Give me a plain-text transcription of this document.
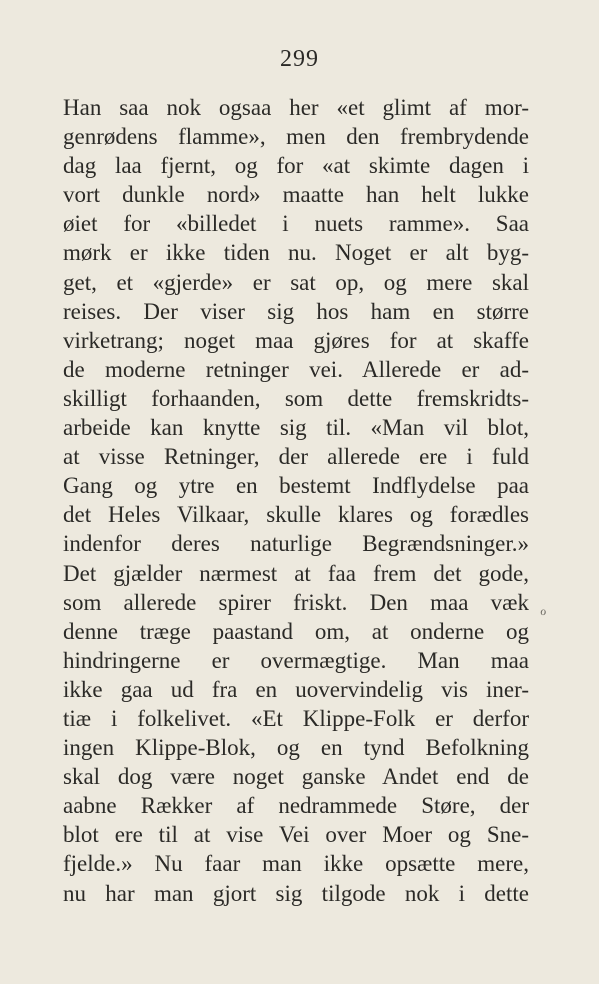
299
Han saa nok ogsaa her «et glimt af mor-
genrødens flamme», men den frembrydende
dag laa fjernt, og for «at skimte dagen i
vort dunkle nord» maatte han helt lukke
øiet for «billedet i nuets ramme». Saa
mørk er ikke tiden nu. Noget er alt byg-
get, et «gjerde» er sat op, og mere skal
reises. Der viser sig hos ham en større
virketrang; noget maa gjøres for at skaffe
de moderne retninger vei. Allerede er ad-
skilligt forhaanden, som dette fremskridts-
arbeide kan knytte sig til. «Man vil blot,
at visse Retninger, der allerede ere i fuld
Gang og ytre en bestemt Indflydelse paa
det Heles Vilkaar, skulle klares og forædles
indenfor deres naturlige Begrændsninger.»
Det gjælder nærmest at faa frem det gode,
som allerede spirer friskt. Den maa væk
denne træge paastand om, at onderne og
hindringerne er overmægtige. Man maa
ikke gaa ud fra en uovervindelig vis iner-
tiæ i folkelivet. «Et Klippe-Folk er derfor
ingen Klippe-Blok, og en tynd Befolkning
skal dog være noget ganske Andet end de
aabne Rækker af nedrammede Støre, der
blot ere til at vise Vei over Moer og Sne-
fjelde.» Nu faar man ikke opsætte mere,
nu har man gjort sig tilgode nok i dette
ℴ
